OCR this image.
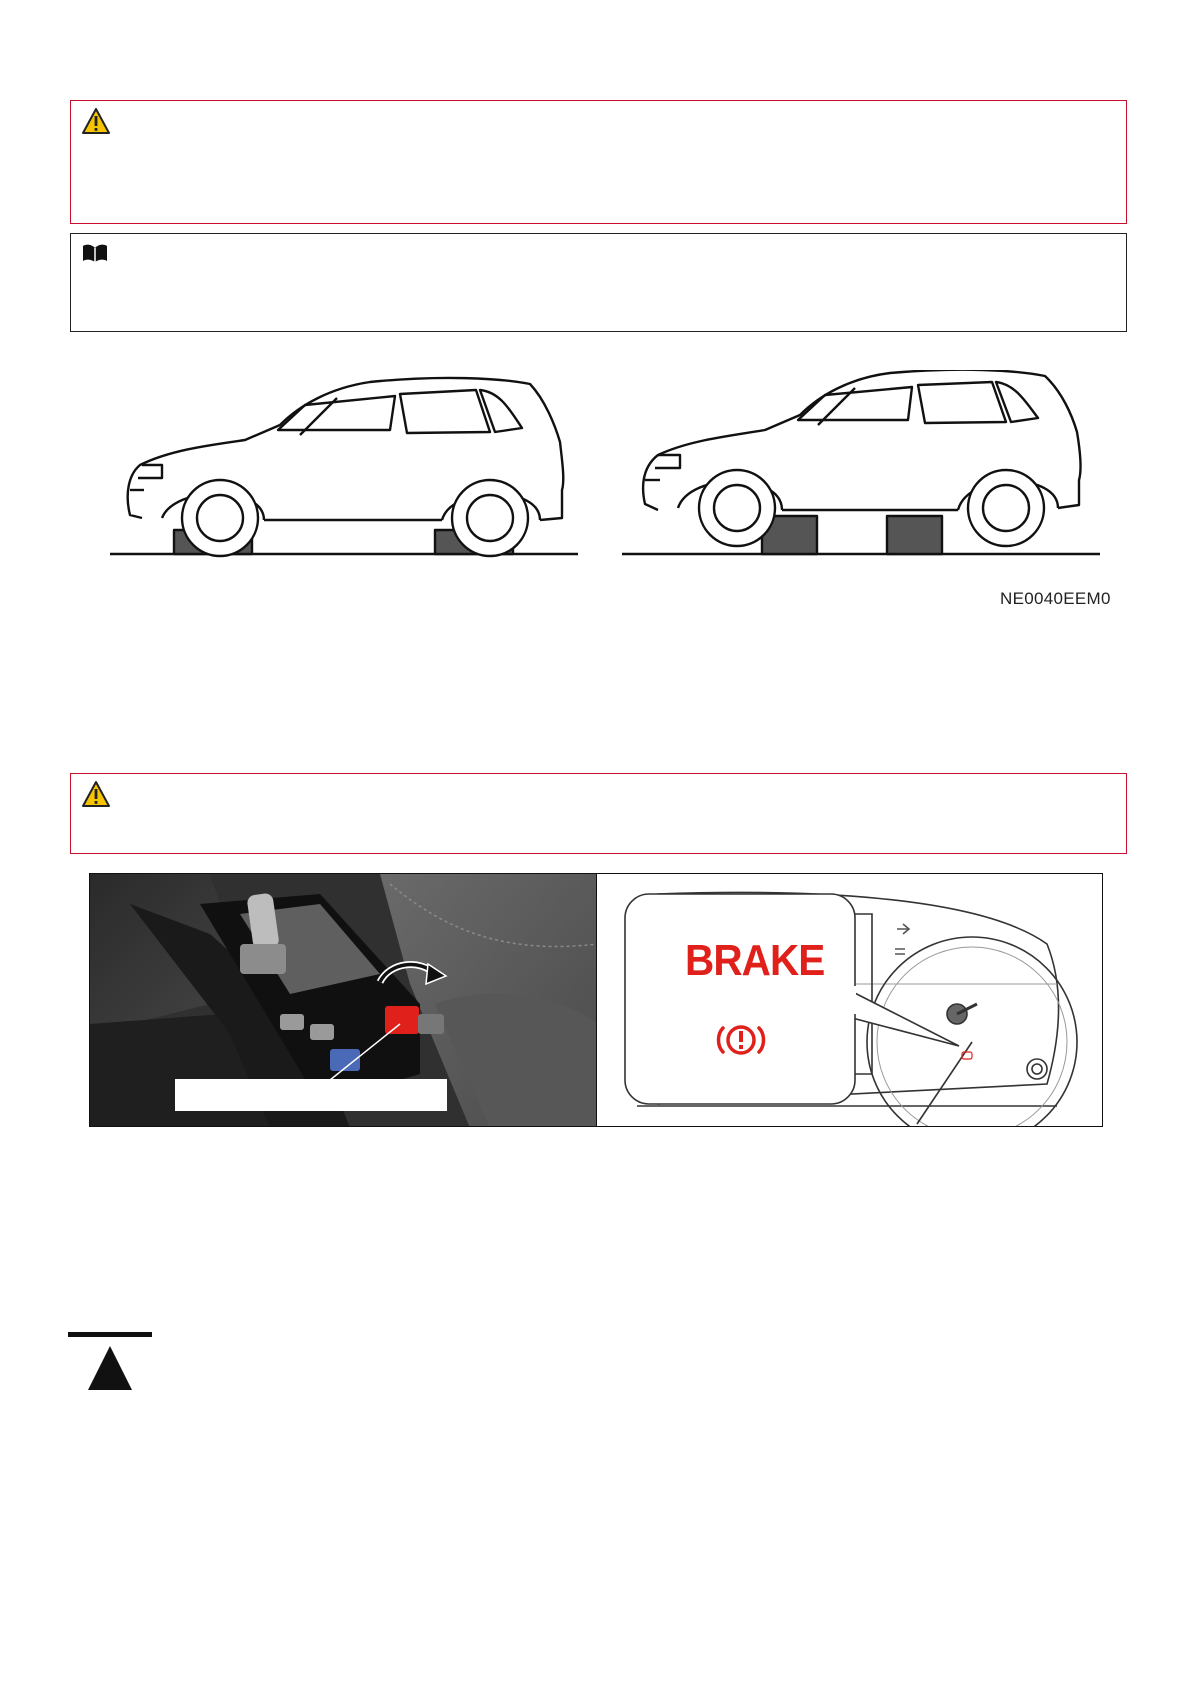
NE0040EEM0
BRAKE
